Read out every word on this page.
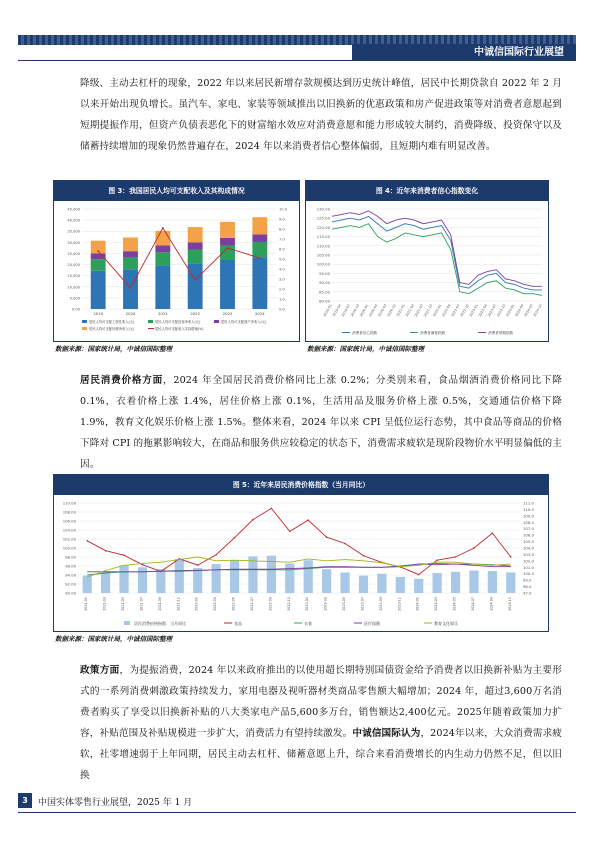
中诚信国际行业展望
降级、主动去杠杆的现象，2022 年以来居民新增存款规模达到历史统计峰值，居民中长期贷款自 2022 年 2 月以来开始出现负增长。虽汽车、家电、家装等领域推出以旧换新的优惠政策和房产促进政策等对消费者意愿起到短期提振作用，但资产负债表恶化下的财富缩水效应对消费意愿和能力形成较大制约，消费降级、投资保守以及储蓄持续增加的现象仍然普遍存在，2024 年以来消费者信心整体偏弱，且短期内难有明显改善。
图 3：我国居民人均可支配收入及其构成情况
0.00
5,000
10,000
15,000
20,000
25,000
30,000
35,000
40,000
45,000
0.0
1.0
2.0
3.0
4.0
5.0
6.0
7.0
8.0
9.0
10.0
2019	2020	2021	2022	2023	2024
居民人均可支配工资性收入(元)	居民人均可支配经营净收入(元)	居民人均可支配财产净收入(元)
居民人均可支配转移净收入(元)	居民人均可支配收入实际增速(%)
数据来源：国家统计局，中诚信国际整理
图 4：近年来消费者信心指数变化
80.00
85.00
90.00
95.00
100.00
105.00
110.00
115.00
120.00
125.00
130.00
2019-01
2019-04
2019-07
2019-10
2020-01
2020-04
2020-07
2020-10
2021-01
2021-04
2021-07
2021-10
2022-01
2022-04
2022-07
2022-10
2023-01
2023-04
2023-07
2023-10
2024-01
2024-04
2024-07
2024-10
消费者信心指数	消费者满意指数	消费者预期指数
数据来源：国家统计局，中诚信国际整理
居民消费价格方面，2024 年全国居民消费价格同比上涨 0.2%；分类别来看，食品烟酒消费价格同比下降 0.1%，衣着价格上涨 1.4%，居住价格上涨 0.1%，生活用品及服务价格上涨 0.5%，交通通信价格下降 1.9%，教育文化娱乐价格上涨 1.5%。整体来看，2024 年以来 CPI 呈低位运行态势，其中食品等商品的价格下降对 CPI 的拖累影响较大，在商品和服务供应较稳定的状态下，消费需求疲软是现阶段物价水平明显偏低的主因。
图 5：近年来居民消费价格指数（当月同比）
90.00
92.00
94.00
96.00
98.00
100.00
102.00
104.00
106.00
108.00
110.00
97.0
98.0
99.0
100.0
101.0
102.0
103.0
104.0
105.0
106.0
107.0
108.0
109.0
110.0
111.0
2021-01	2021-03	2021-05	2021-07	2021-09	2021-11	2022-01	2022-03	2022-05	2022-07	2022-09	2022-11	2023-01	2023-03	2023-05	2023-07	2023-09	2023-11	2024-01	2024-03	2024-05	2024-07	2024-09	2024-11
居民消费价格指数：当月同比	食品	衣着	医疗保健	教育文化娱乐
数据来源：国家统计局，中诚信国际整理
政策方面，为提振消费，2024 年以来政府推出的以使用超长期特别国债资金给予消费者以旧换新补贴为主要形式的一系列消费刺激政策持续发力，家用电器及视听器材类商品零售额大幅增加；2024 年，超过3,600万名消费者购买了享受以旧换新补贴的八大类家电产品5,600多万台，销售额达2,400亿元。2025年随着政策加力扩容，补贴范围及补贴规模进一步扩大，消费活力有望持续激发。中诚信国际认为，2024年以来，大众消费需求疲软，社零增速弱于上年同期，居民主动去杠杆、储蓄意愿上升，综合来看消费增长的内生动力仍然不足，但以旧换
3	中国实体零售行业展望，2025 年 1 月
